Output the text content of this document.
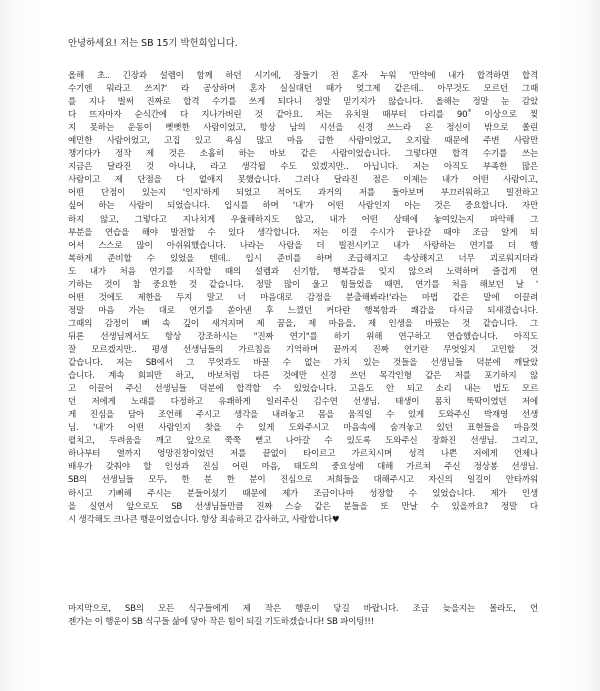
안녕하세요! 저는 SB 15기 박헌희입니다.
올해 초.. 긴장과 설렘이 함께 하던 시기에, 장들기 전 혼자 누워 '만약에 내가 합격하면 합격
수기엔 뭐라고 쓰지?' 라 공상하며 혼자 실실대던 때가 엊그제 같은데.. 아무것도 모르던 그때
를 지나 벌써 진짜로 합격 수기를 쓰게 되다니 정말 믿기지가 않습니다. 올해는 정말 눈 감았
다 뜨자마자 순식간에 다 지나가버린 것 같아요. 저는 유치원 때부터 다리를 90˚ 이상으로 찢
지 못하는 운동이 뻣뻣한 사람이었고, 항상 남의 시선을 신경 쓰느라 온 정신이 밖으로 쏠린
예민한 사람이었고, 고집 있고 욕심 많고 마음 급한 사람이었고, 오지랖 때문에 주변 사람만
챙기다가 정작 제 것은 소홀히 하는 바보 같은 사람이었습니다. 그렇다면 합격 수기를 쓰는
지금은 달라진 것 아니냐, 라고 생각될 수도 있겠지만.. 아닙니다. 저는 아직도 부족한 많은
사람이고 제 단점을 다 없애지 못했습니다. 그러나 달라진 점은 이제는 내가 어떤 사람이고,
어떤 단점이 있는지 '인지'하게 되었고 적어도 과거의 저를 돌아보며 부끄러워하고 빌전하고
싶어 하는 사람이 되었습니다. 입시를 하며 '내'가 어떤 사람인지 아는 것은 중요합니다. 자만
하지 않고, 그렇다고 지나치게 우울해하지도 않고, 내가 어떤 상태에 놓여있는지 파악해 그
부분을 연습을 해야 발전할 수 있다 생각합니다. 저는 이걸 수시가 끝나갈 때야 조금 알게 되
어서 스스로 많이 아쉬워했습니다. 나라는 사람을 더 빌전시키고 내가 사랑하는 연기를 더 행
복하게 준비할 수 있었을 텐데.. 입시 준비를 하며 조급해지고 속상해지고 너무 괴로워지더라
도 내가 처음 연기를 시작할 때의 설렘과 신기함, 행복감을 잊지 않으려 노력하며 즐겁게 연
기하는 것이 참 중요한 것 같습니다. 정말 많이 울고 힘들었을 때면, 연기를 처음 해보던 날 '
어떤 것에도 제한을 두지 말고 너 마음대로 감정을 분출해봐라!'라는 마법 같은 말에 이끌려
정말 마음 가는 대로 연기를 쏟아낸 후 느꼈던 커다란 행복함과 쾌감을 다시금 되새겼습니다.
그때의 감정이 뼈 속 깊이 새겨지며 제 꿈을, 제 마음을, 제 인생을 바꿨는 것 같습니다. 그
뒤론 선생님께서도 항상 강조하시는 "진짜 연기"를 하기 위해 연구하고 연습했습니다. 아직도
잘 모르겠지만.. 평생 선생님들의 가르침을 기억하며 끝까지 진짜 연기란 무엇일지 고민할 것
같습니다. 저는 SB에서 그 무엇과도 바꿀 수 없는 가치 있는 것들을 선생님들 덕분에 깨달았
습니다. 계속 회피만 하고, 바보처럼 다른 것에만 신경 쓰던 목각인형 같은 저를 포기하지 않
고 이끌어 주신 선생님들 덕분에 합격할 수 있었습니다. 고음도 안 되고 소리 내는 법도 모르
던 저에게 노래를 다정하고 유쾌하게 일러주신 김수연 선생님. 태생이 몸치 뚝딱이였던 저에
게 진심을 담아 조언해 주시고 생각을 내려놓고 몸을 움직일 수 있게 도와주신 박재영 선생
님. '내'가 어떤 사람인지 찾을 수 있게 도와주시고 마음속에 숨겨놓고 있던 표현들을 마음껏
펼치고, 두려움을 깨고 앞으로 쭉쭉 뻗고 나아갈 수 있도록 도와주신 장화진 선생님. 그리고,
하나부터 열까지 엉망진창이었던 저를 끝없이 타이르고 가르치시며 성격 나쁜 저에게 언제나
배우가 갖춰야 할 인성과 진심 어린 마음, 태도의 중요성에 대해 가르쳐 주신 정상봉 선생님.
SB의 선생님들 모두, 한 분 한 분이 진심으로 저희들을 대해주시고 자신의 일길이 안타까워
하시고 기뻐해 주시는 분들이셨기 때문에 제가 조금이나마 성장할 수 있었습니다. 제가 인생
을 실연서 앞으로도 SB 선생님들만큼 진짜 스승 같은 분들을 또 만날 수 있을까요? 정말 다
시 생각해도 크나큰 행운이었습니다. 항상 죄송하고 감사하고, 사랑합니다♥
마지막으로, SB의 모든 식구들에게 제 작은 행운이 닿길 바랍니다. 조금 늦을지는 몰라도, 언
젠가는 이 행운이 SB 식구들 삶에 닿아 작은 힘이 되길 기도하겠습니다! SB 파이팅!!!
